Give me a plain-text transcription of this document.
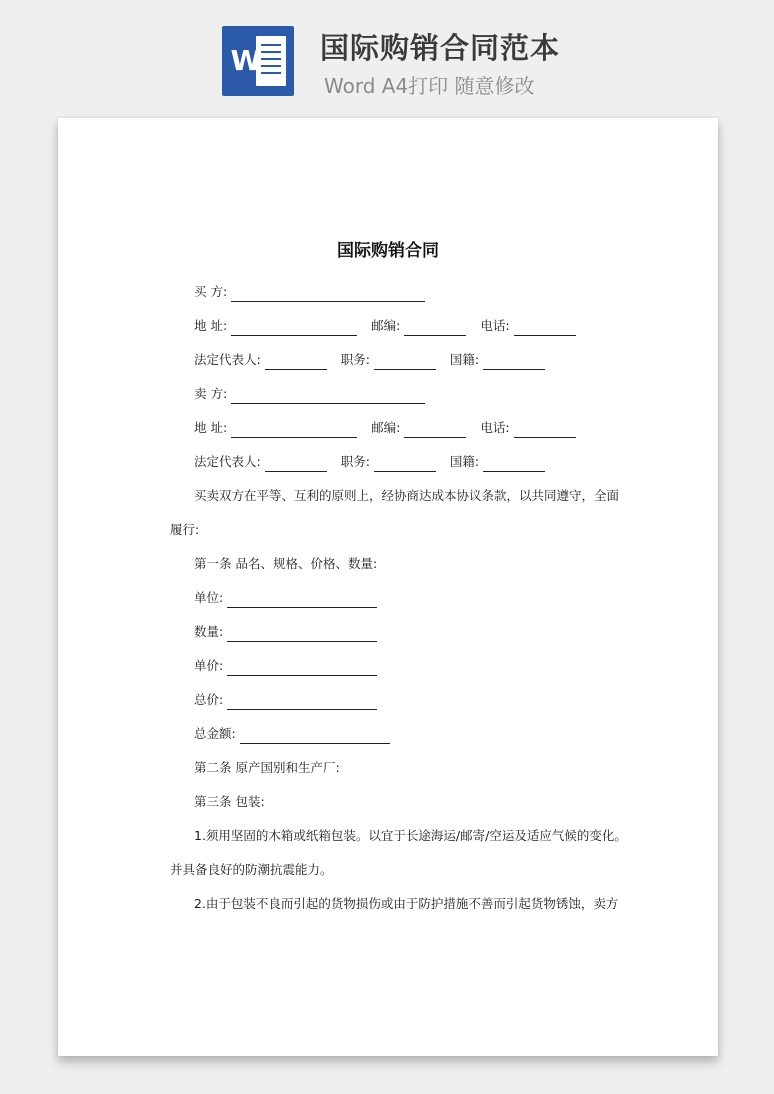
W 国际购销合同范本
Word A4打印 随意修改
国际购销合同
买 方:
地 址:	邮编:	电话:
法定代表人:	职务:	国籍:
卖 方:
地 址:	邮编:	电话:
法定代表人:	职务:	国籍:
买卖双方在平等、互利的原则上，经协商达成本协议条款，以共同遵守，全面
履行:
第一条 品名、规格、价格、数量:
单位:
数量:
单价:
总价:
总金额:
第二条 原产国别和生产厂:
第三条 包装:
1.须用坚固的木箱或纸箱包装。以宜于长途海运/邮寄/空运及适应气候的变化。
并具备良好的防潮抗震能力。
2.由于包装不良而引起的货物损伤或由于防护措施不善而引起货物锈蚀，卖方
